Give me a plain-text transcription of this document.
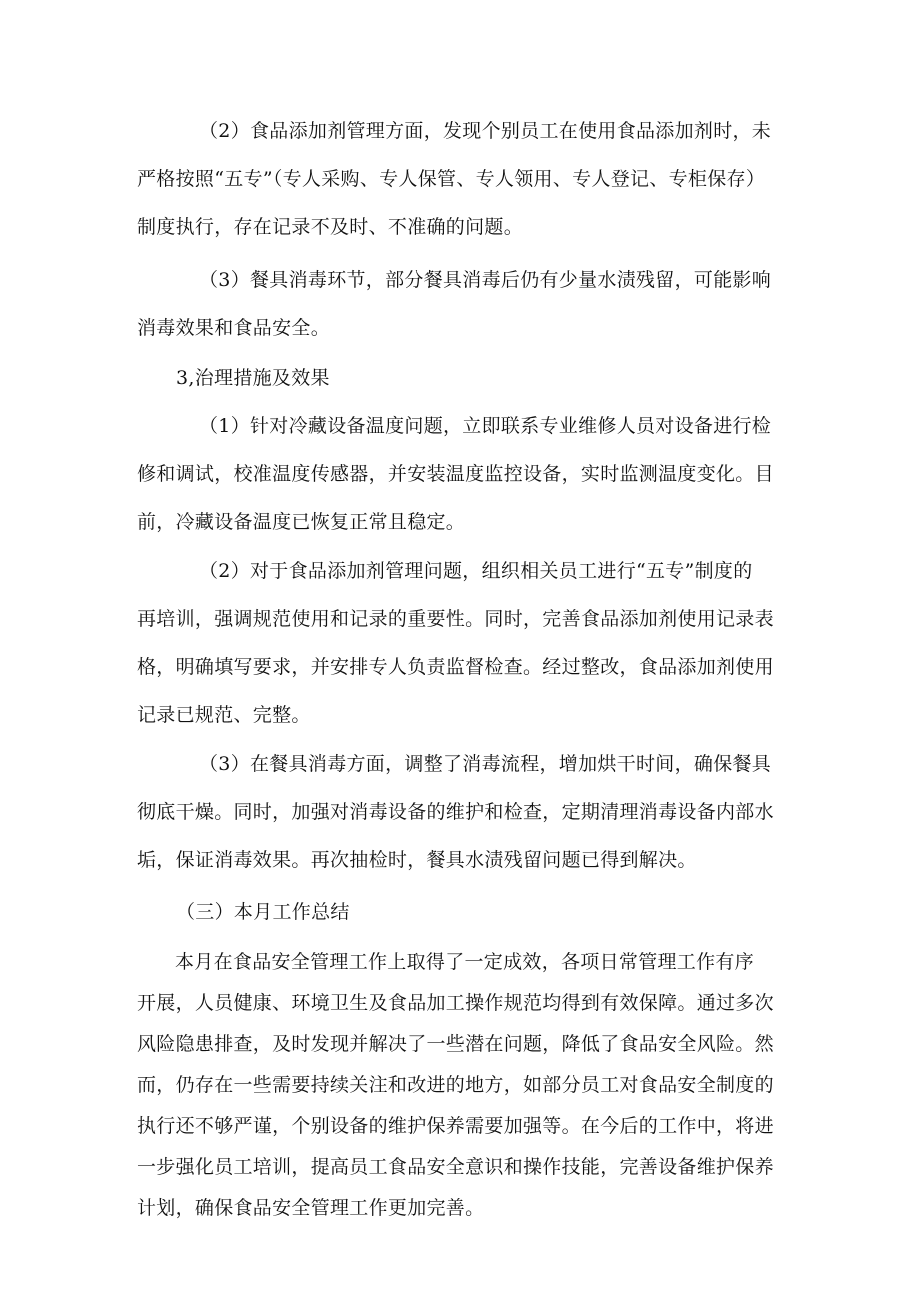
（2）食品添加剂管理方面，发现个别员工在使用食品添加剂时，未
严格按照“五专”（专人采购、专人保管、专人领用、专人登记、专柜保存）
制度执行，存在记录不及时、不准确的问题。
（3）餐具消毒环节，部分餐具消毒后仍有少量水渍残留，可能影响
消毒效果和食品安全。
3,治理措施及效果
（1）针对冷藏设备温度问题，立即联系专业维修人员对设备进行检
修和调试，校准温度传感器，并安装温度监控设备，实时监测温度变化。目
前，冷藏设备温度已恢复正常且稳定。
（2）对于食品添加剂管理问题，组织相关员工进行“五专”制度的
再培训，强调规范使用和记录的重要性。同时，完善食品添加剂使用记录表
格，明确填写要求，并安排专人负责监督检查。经过整改，食品添加剂使用
记录已规范、完整。
（3）在餐具消毒方面，调整了消毒流程，增加烘干时间，确保餐具
彻底干燥。同时，加强对消毒设备的维护和检查，定期清理消毒设备内部水
垢，保证消毒效果。再次抽检时，餐具水渍残留问题已得到解决。
（三）本月工作总结
本月在食品安全管理工作上取得了一定成效，各项日常管理工作有序
开展，人员健康、环境卫生及食品加工操作规范均得到有效保障。通过多次
风险隐患排查，及时发现并解决了一些潜在问题，降低了食品安全风险。然
而，仍存在一些需要持续关注和改进的地方，如部分员工对食品安全制度的
执行还不够严谨，个别设备的维护保养需要加强等。在今后的工作中，将进
一步强化员工培训，提高员工食品安全意识和操作技能，完善设备维护保养
计划，确保食品安全管理工作更加完善。
